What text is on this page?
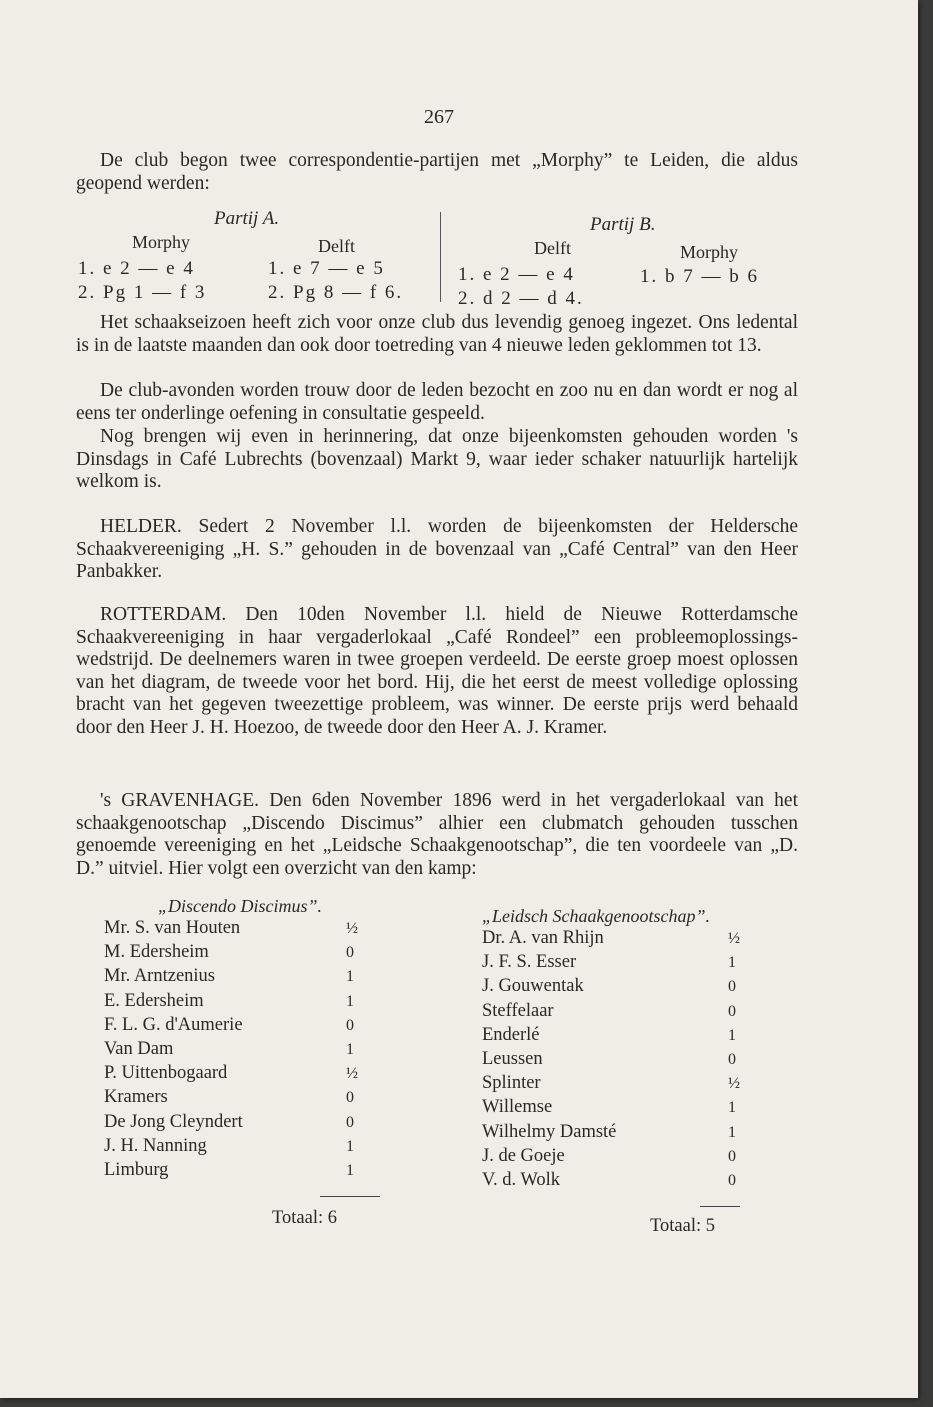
267
De club begon twee correspondentie-partijen met „Morphy” te Leiden, die aldus geopend werden:
Partij A.
Morphy	Delft
1. e 2 — e 4	1. e 7 — e 5
2. Pg 1 — f 3	2. Pg 8 — f 6.
Partij B.
Delft	Morphy
1. e 2 — e 4	1. b 7 — b 6
2. d 2 — d 4.
Het schaakseizoen heeft zich voor onze club dus levendig genoeg ingezet. Ons ledental is in de laatste maanden dan ook door toetreding van 4 nieuwe leden geklommen tot 13.
De club-avonden worden trouw door de leden bezocht en zoo nu en dan wordt er nog al eens ter onderlinge oefening in consultatie gespeeld.
Nog brengen wij even in herinnering, dat onze bijeenkomsten gehouden worden 's Dinsdags in Café Lubrechts (bovenzaal) Markt 9, waar ieder schaker natuurlijk hartelijk welkom is.
HELDER. Sedert 2 November l.l. worden de bijeenkomsten der Heldersche Schaakvereeniging „H. S.” gehouden in de bovenzaal van „Café Central” van den Heer Panbakker.
ROTTERDAM. Den 10den November l.l. hield de Nieuwe Rotterdamsche Schaakvereeniging in haar vergaderlokaal „Café Rondeel” een probleemoplossings-wedstrijd. De deelnemers waren in twee groepen verdeeld. De eerste groep moest oplossen van het diagram, de tweede voor het bord. Hij, die het eerst de meest volledige oplossing bracht van het gegeven tweezettige probleem, was winner. De eerste prijs werd behaald door den Heer J. H. Hoezoo, de tweede door den Heer A. J. Kramer.
's GRAVENHAGE. Den 6den November 1896 werd in het vergaderlokaal van het schaakgenootschap „Discendo Discimus” alhier een clubmatch gehouden tusschen genoemde vereeniging en het „Leidsche Schaakgenootschap”, die ten voordeele van „D. D.” uitviel. Hier volgt een overzicht van den kamp:
„Discendo Discimus”.	„Leidsch Schaakgenootschap”.
Mr. S. van Houten	½
M. Edersheim	0
Mr. Arntzenius	1
E. Edersheim	1
F. L. G. d'Aumerie	0
Van Dam	1
P. Uittenbogaard	½
Kramers	0
De Jong Cleyndert	0
J. H. Nanning	1
Limburg	1
Dr. A. van Rhijn	½
J. F. S. Esser	1
J. Gouwentak	0
Steffelaar	0
Enderlé	1
Leussen	0
Splinter	½
Willemse	1
Wilhelmy Damsté	1
J. de Goeje	0
V. d. Wolk	0
Totaal: 6	Totaal: 5
